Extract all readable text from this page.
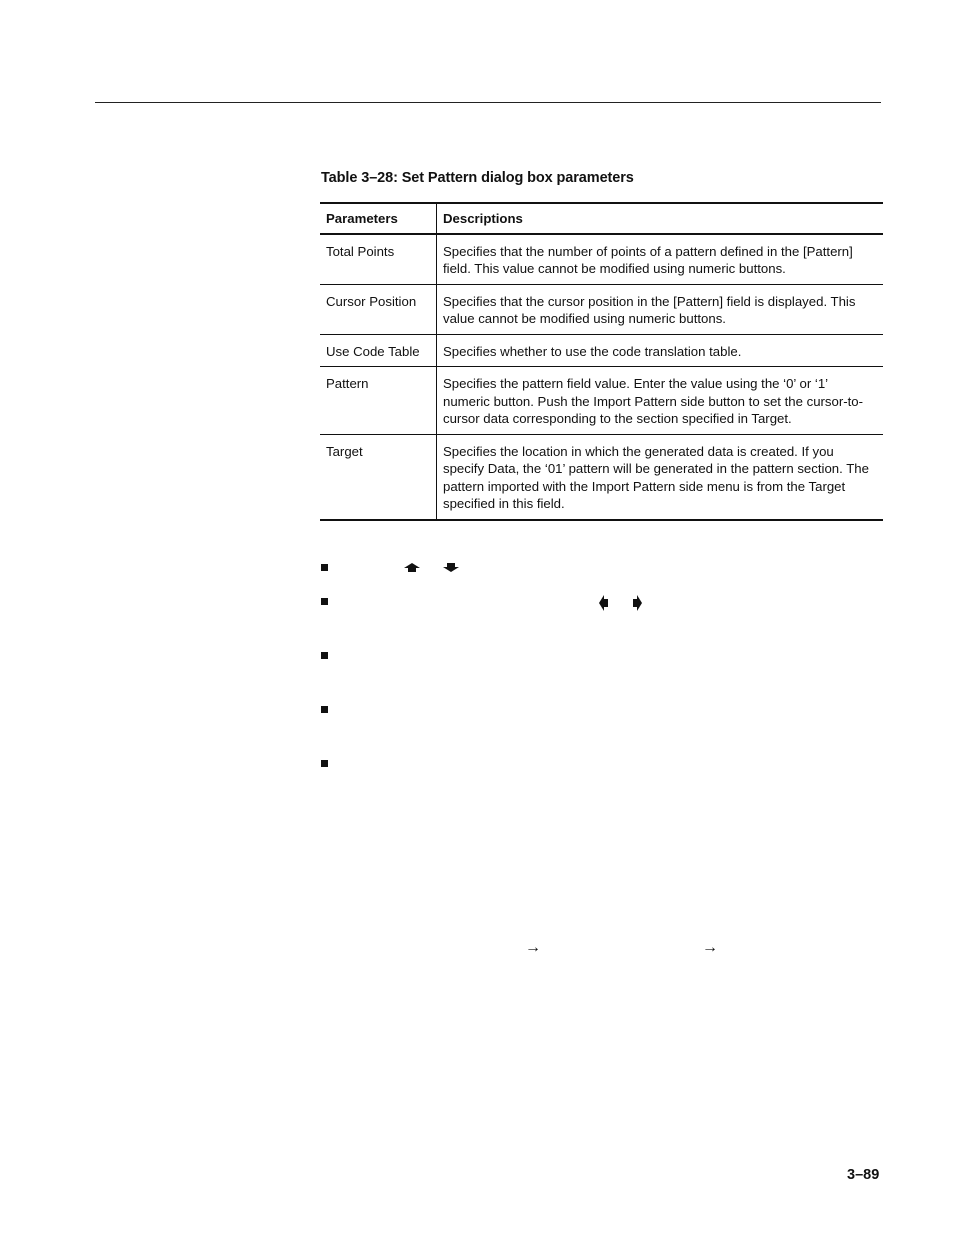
Table 3–28: Set Pattern dialog box parameters
Parameters	Descriptions
Total Points	Specifies that the number of points of a pattern defined in the [Pattern] field. This value cannot be modified using numeric buttons.
Cursor Position	Specifies that the cursor position in the [Pattern] field is displayed. This value cannot be modified using numeric buttons.
Use Code Table	Specifies whether to use the code translation table.
Pattern	Specifies the pattern field value. Enter the value using the ‘0’ or ‘1’ numeric button. Push the Import Pattern side button to set the cursor-to-cursor data corresponding to the section specified in Target.
Target	Specifies the location in which the generated data is created. If you specify Data, the ‘01’ pattern will be generated in the pattern section. The pattern imported with the Import Pattern side menu is from the Target specified in this field.
→	→
3–89
